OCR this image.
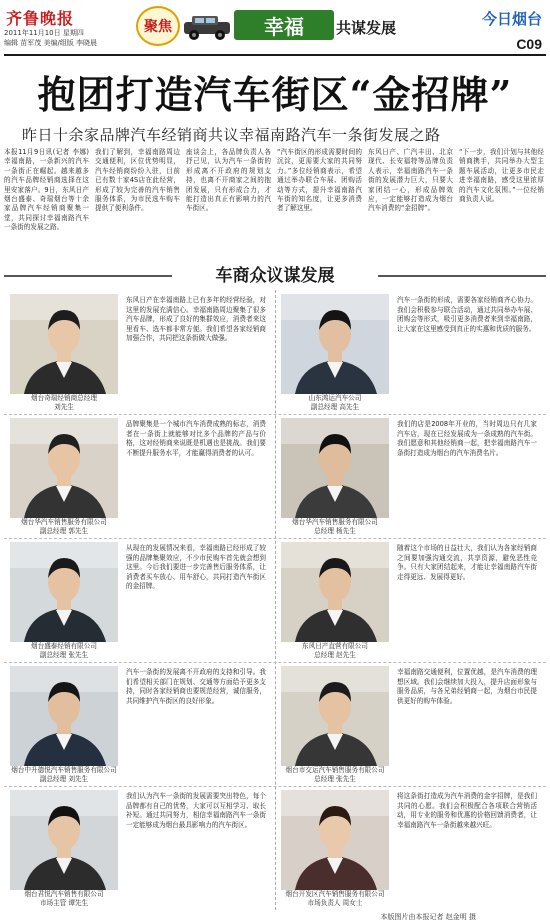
齐鲁晚报
2011年11月10日 星期四
编辑 苗军茂 美编/组版 李晓晨
聚焦	幸福	共谋发展	今日烟台
C09
抱团打造汽车街区“金招牌”
昨日十余家品牌汽车经销商共议幸福南路汽车一条街发展之路
本报11月9日讯(记者 李娜) 幸福南路，一条新兴的汽车一条街正在崛起。越来越多的汽车品牌经销商选择在这里安家落户。9日，东风日产烟台盛泰、奇瑞烟台等十余家品牌汽车经销商聚集一堂，共同探讨幸福南路汽车一条街的发展之路。
我们了解到，幸福南路周边交通便利，区位优势明显，汽车经销商纷纷入驻，目前已有数十家4S店在此经营，形成了较为完善的汽车销售服务体系，为市民选车购车提供了便利条件。
座谈会上，各品牌负责人各抒己见，认为汽车一条街的形成离不开政府的规划支持，也离不开商家之间的抱团发展，只有形成合力，才能打造出真正有影响力的汽车街区。
“汽车街区的形成需要时间的沉淀，更需要大家的共同努力。”多位经销商表示，希望通过举办联合车展、团购活动等方式，提升幸福南路汽车街的知名度，让更多消费者了解这里。
东风日产、广汽丰田、北京现代、长安福特等品牌负责人表示，幸福南路汽车一条街的发展潜力巨大，只要大家团结一心，形成品牌效应，一定能够打造成为烟台汽车消费的“金招牌”。
“下一步，我们计划与其他经销商携手，共同举办大型主题车展活动，让更多市民走进幸福南路，感受这里浓厚的汽车文化氛围。”一位经销商负责人说。
车商众议谋发展
烟台奇瑞经销商总经理
刘先生
东风日产在幸福南路上已有多年的经营经验，对这里的发展充满信心。幸福南路周边聚集了很多汽车品牌，形成了良好的集群效应，消费者来这里看车、选车都非常方便。我们希望各家经销商加强合作，共同把这条街做大做强。
山东鸿运汽车公司
副总经理 高先生
汽车一条街的形成，需要各家经销商齐心协力。我们会积极参与联合活动，通过共同举办车展、团购会等形式，吸引更多消费者来到幸福南路，让大家在这里感受到真正的实惠和优质的服务。
烟台华汽车销售服务有限公司
副总经理 郭先生
品牌聚集是一个城市汽车消费成熟的标志，消费者在一条街上就能够对比多个品牌的产品与价格，这对经销商来说既是机遇也是挑战。我们要不断提升服务水平，才能赢得消费者的认可。
烟台华汽车销售服务有限公司
总经理 杨先生
我们的店是2008年开业的，当时周边只有几家汽车店，现在已经发展成为一条成熟的汽车街。我们愿意和其他经销商一起，把幸福南路汽车一条街打造成为烟台的汽车消费名片。
烟台盛泰经销有限公司
副总经理 张先生
从现在的发展情况来看，幸福南路已经形成了较强的品牌集聚效应，不少市民购车首先就会想到这里。今后我们要进一步完善售后服务体系，让消费者买车放心、用车舒心，共同打造汽车街区的金招牌。
东风日产直营有限公司
总经理 赵先生
随着这个市场的日益壮大，我们认为各家经销商之间要加强沟通交流，共享资源，避免恶性竞争。只有大家团结起来，才能让幸福南路汽车街走得更远、发展得更好。
烟台中升德悦汽车销售服务有限公司
副总经理 刘先生
汽车一条街的发展离不开政府的支持和引导。我们希望相关部门在规划、交通等方面给予更多支持，同时各家经销商也要规范经营，诚信服务，共同维护汽车街区的良好形象。
烟台市交运汽车销售服务有限公司
总经理 张先生
幸福南路交通便利，位置优越，是汽车消费的理想区域。我们会继续加大投入，提升店面形象与服务品质，与各兄弟经销商一起，为烟台市民提供更好的购车体验。
烟台君悦汽车销售有限公司
市场主管 谭先生
我们认为汽车一条街的发展需要突出特色，每个品牌都有自己的优势，大家可以互相学习、取长补短。通过共同努力，相信幸福南路汽车一条街一定能够成为烟台最具影响力的汽车街区。
烟台开发区汽车销售服务有限公司
市场负责人 周女士
将这条街打造成为汽车消费的金字招牌，是我们共同的心愿。我们会积极配合各项联合营销活动，用专业的服务和优惠的价格回馈消费者，让幸福南路汽车一条街越来越兴旺。
本版图片由本报记者 赵金明 摄
